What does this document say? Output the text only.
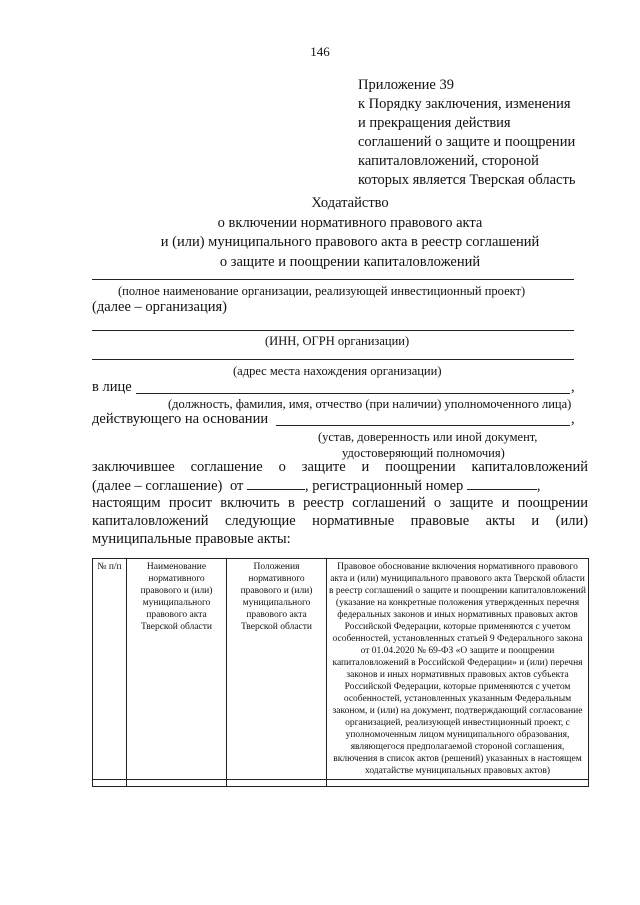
146
Приложение 39
к Порядку заключения, изменения
и прекращения действия
соглашений о защите и поощрении
капиталовложений, стороной
которых является Тверская область
Ходатайство
о включении нормативного правового акта
и (или) муниципального правового акта в реестр соглашений
о защите и поощрении капиталовложений
(полное наименование организации, реализующей инвестиционный проект)
(далее – организация)
(ИНН, ОГРН организации)
(адрес места нахождения организации)
в лице	,
(должность, фамилия, имя, отчество (при наличии) уполномоченного лица)
действующего на основании	,
(устав, доверенность или иной документ,
удостоверяющий полномочия)
заключившее соглашение о защите и поощрении капиталовложений
(далее – соглашение) от	, регистрационный номер	,
настоящим просит включить в реестр соглашений о защите и поощрении
капиталовложений следующие нормативные правовые акты и (или)
муниципальные правовые акты:
№ п/п	Наименование нормативного правового и (или) муниципального правового акта Тверской области	Положения нормативного правового и (или) муниципального правового акта Тверской области	Правовое обоснование включения нормативного правового акта и (или) муниципального правового акта Тверской области в реестр соглашений о защите и поощрении капиталовложений (указание на конкретные положения утвержденных перечня федеральных законов и иных нормативных правовых актов Российской Федерации, которые применяются с учетом особенностей, установленных статьей 9 Федерального закона от 01.04.2020 № 69-ФЗ «О защите и поощрении капиталовложений в Российской Федерации» и (или) перечня законов и иных нормативных правовых актов субъекта Российской Федерации, которые применяются с учетом особенностей, установленных указанным Федеральным законом, и (или) на документ, подтверждающий согласование организацией, реализующей инвестиционный проект, с уполномоченным лицом муниципального образования, являющегося предполагаемой стороной соглашения, включения в список актов (решений) указанных в настоящем ходатайстве муниципальных правовых актов)
